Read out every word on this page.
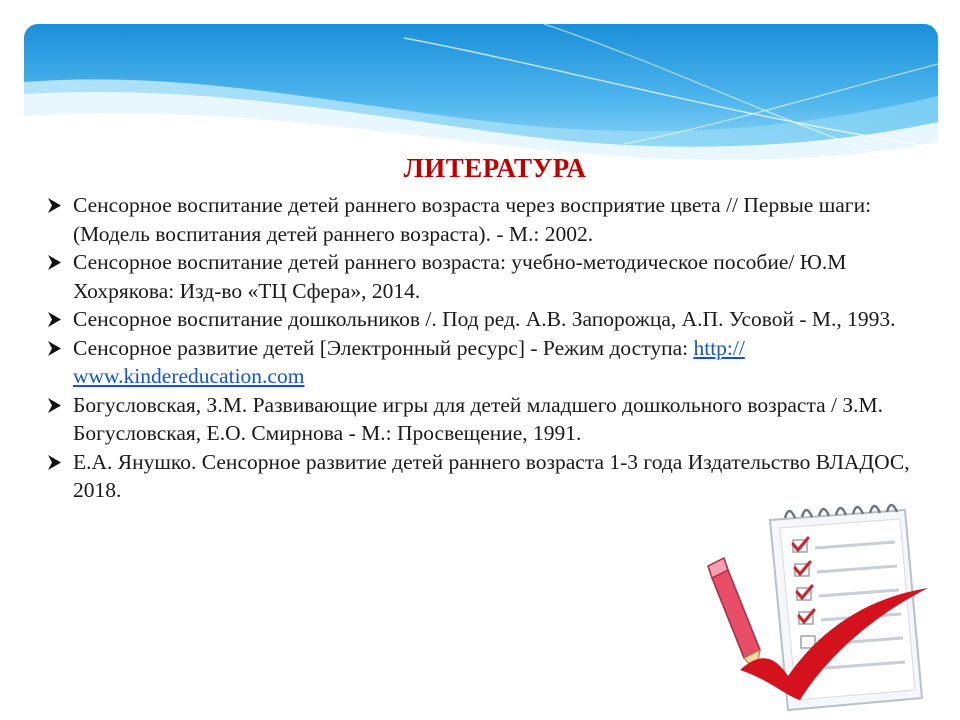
ЛИТЕРАТУРА
Сенсорное воспитание детей раннего возраста через восприятие цвета // Первые шаги: (Модель воспитания детей раннего возраста). - М.: 2002.
Сенсорное воспитание детей раннего возраста: учебно-методическое пособие/ Ю.М Хохрякова: Изд-во «ТЦ Сфера», 2014.
Сенсорное воспитание дошкольников /. Под ред. А.В. Запорожца, А.П. Усовой - М., 1993.
Сенсорное развитие детей [Электронный ресурс] - Режим доступа: http:// www.kindereducation.com
Богусловская, З.М. Развивающие игры для детей младшего дошкольного возраста / З.М. Богусловская, Е.О. Смирнова - М.: Просвещение, 1991.
Е.А. Янушко. Сенсорное развитие детей раннего возраста 1-3 года Издательство ВЛАДОС, 2018.
